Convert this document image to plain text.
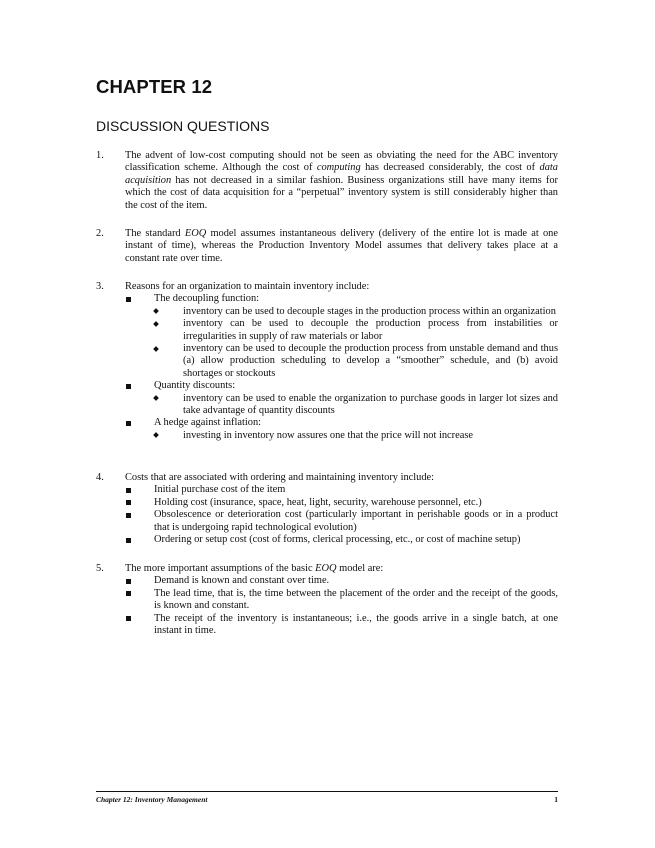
CHAPTER 12
DISCUSSION QUESTIONS
1. The advent of low-cost computing should not be seen as obviating the need for the ABC inventory classification scheme. Although the cost of computing has decreased considerably, the cost of data acquisition has not decreased in a similar fashion. Business organizations still have many items for which the cost of data acquisition for a “perpetual” inventory system is still considerably higher than the cost of the item.

2. The standard EOQ model assumes instantaneous delivery (delivery of the entire lot is made at one instant of time), whereas the Production Inventory Model assumes that delivery takes place at a constant rate over time.

3. Reasons for an organization to maintain inventory include:

The decoupling function:
inventory can be used to decouple stages in the production process within an organization
inventory can be used to decouple the production process from instabilities or irregularities in supply of raw materials or labor
inventory can be used to decouple the production process from unstable demand and thus (a) allow production scheduling to develop a “smoother” schedule, and (b) avoid shortages or stockouts
Quantity discounts:
inventory can be used to enable the organization to purchase goods in larger lot sizes and take advantage of quantity discounts
A hedge against inflation:
investing in inventory now assures one that the price will not increase
4. Costs that are associated with ordering and maintaining inventory include:

Initial purchase cost of the item
Holding cost (insurance, space, heat, light, security, warehouse personnel, etc.)
Obsolescence or deterioration cost (particularly important in perishable goods or in a product that is undergoing rapid technological evolution)
Ordering or setup cost (cost of forms, clerical processing, etc., or cost of machine setup)
5. The more important assumptions of the basic EOQ model are:

Demand is known and constant over time.
The lead time, that is, the time between the placement of the order and the receipt of the goods, is known and constant.
The receipt of the inventory is instantaneous; i.e., the goods arrive in a single batch, at one instant in time.
Chapter 12: Inventory Management	1
